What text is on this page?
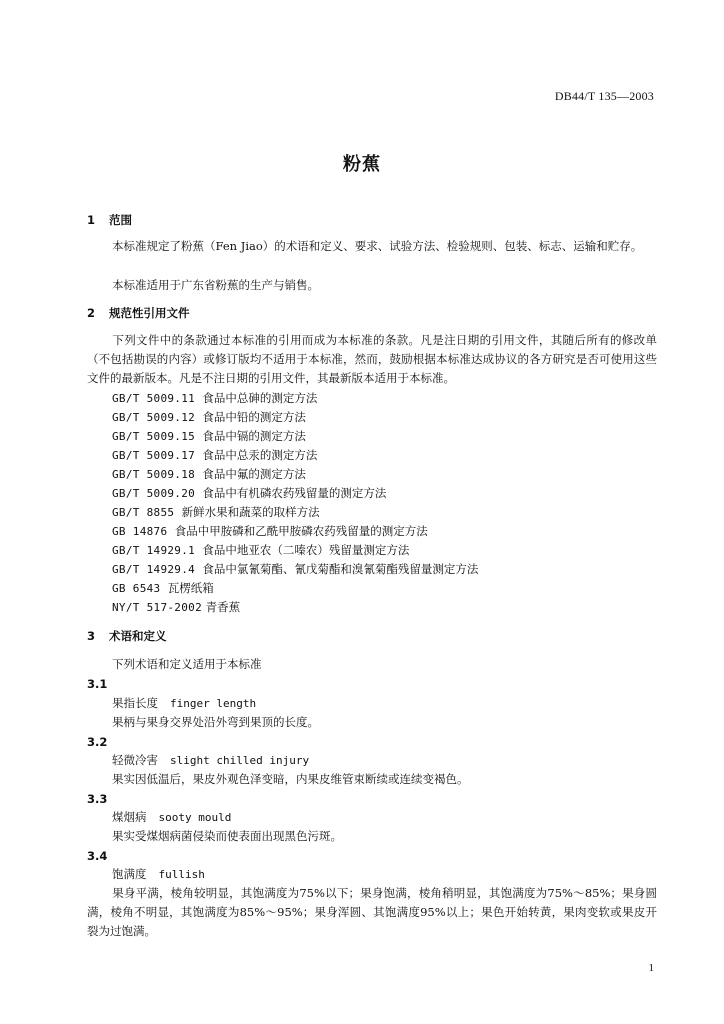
DB44/T 135—2003
粉蕉
1 范围
本标准规定了粉蕉（Fen Jiao）的术语和定义、要求、试验方法、检验规则、包装、标志、运输和贮存。
本标准适用于广东省粉蕉的生产与销售。
2 规范性引用文件
下列文件中的条款通过本标准的引用而成为本标准的条款。凡是注日期的引用文件，其随后所有的修改单（不包括勘误的内容）或修订版均不适用于本标准，然而，鼓励根据本标准达成协议的各方研究是否可使用这些文件的最新版本。凡是不注日期的引用文件，其最新版本适用于本标准。
GB/T 5009.11 食品中总砷的测定方法
GB/T 5009.12 食品中铅的测定方法
GB/T 5009.15 食品中镉的测定方法
GB/T 5009.17 食品中总汞的测定方法
GB/T 5009.18 食品中氟的测定方法
GB/T 5009.20 食品中有机磷农药残留量的测定方法
GB/T 8855 新鲜水果和蔬菜的取样方法
GB 14876 食品中甲胺磷和乙酰甲胺磷农药残留量的测定方法
GB/T 14929.1 食品中地亚农（二嗪农）残留量测定方法
GB/T 14929.4 食品中氯氰菊酯、氰戊菊酯和溴氰菊酯残留量测定方法
GB 6543 瓦楞纸箱
NY/T 517-2002 青香蕉
3 术语和定义
下列术语和定义适用于本标准
3.1
果指长度 finger length
果柄与果身交界处沿外弯到果顶的长度。
3.2
轻微冷害 slight chilled injury
果实因低温后，果皮外观色泽变暗，内果皮维管束断续或连续变褐色。
3.3
煤烟病 sooty mould
果实受煤烟病菌侵染而使表面出现黑色污斑。
3.4
饱满度 fullish
果身平满，棱角较明显，其饱满度为75%以下；果身饱满，棱角稍明显，其饱满度为75%～85%；果身圆满，棱角不明显，其饱满度为85%～95%；果身浑圆、其饱满度95%以上；果色开始转黄，果肉变软或果皮开裂为过饱满。
1
